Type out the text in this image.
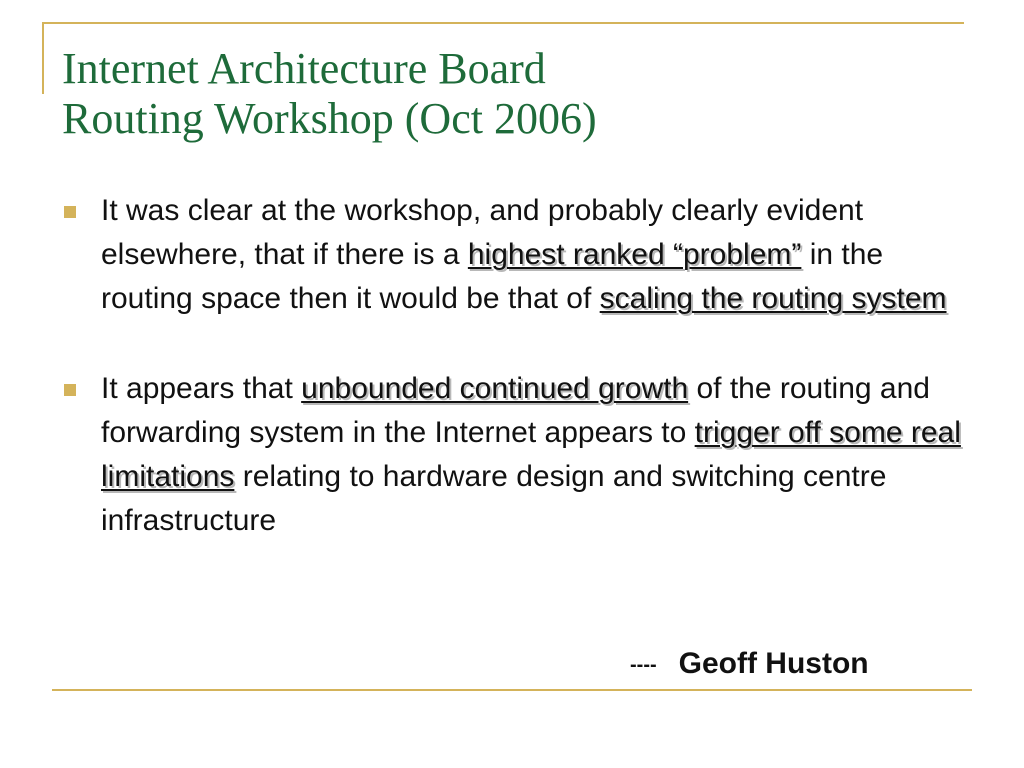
Internet Architecture Board
Routing Workshop (Oct 2006)
It was clear at the workshop, and probably clearly evident elsewhere, that if there is a highest ranked “problem” in the routing space then it would be that of scaling the routing system
It appears that unbounded continued growth of the routing and forwarding system in the Internet appears to trigger off some real limitations relating to hardware design and switching centre infrastructure
---- Geoff Huston
